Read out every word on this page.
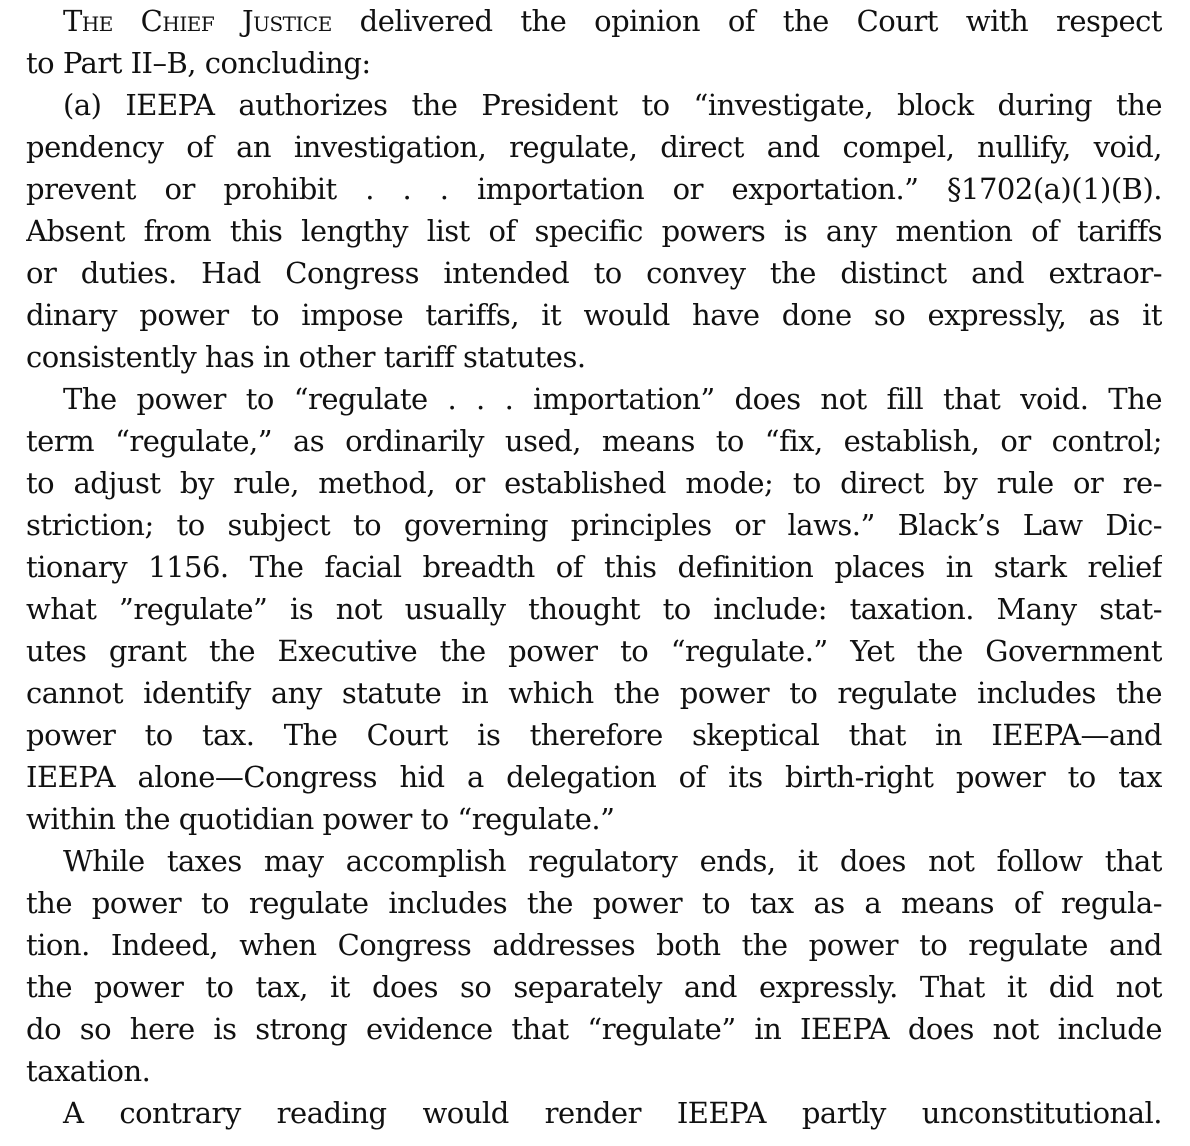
The Chief Justice delivered the opinion of the Court with respect
to Part II–B, concluding:
(a) IEEPA authorizes the President to “investigate, block during the
pendency of an investigation, regulate, direct and compel, nullify, void,
prevent or prohibit . . . importation or exportation.” §1702(a)(1)(B).
Absent from this lengthy list of specific powers is any mention of tariffs
or duties. Had Congress intended to convey the distinct and extraor-
dinary power to impose tariffs, it would have done so expressly, as it
consistently has in other tariff statutes.
The power to “regulate . . . importation” does not fill that void. The
term “regulate,” as ordinarily used, means to “fix, establish, or control;
to adjust by rule, method, or established mode; to direct by rule or re-
striction; to subject to governing principles or laws.” Black’s Law Dic-
tionary 1156. The facial breadth of this definition places in stark relief
what ”regulate” is not usually thought to include: taxation. Many stat-
utes grant the Executive the power to “regulate.” Yet the Government
cannot identify any statute in which the power to regulate includes the
power to tax. The Court is therefore skeptical that in IEEPA—and
IEEPA alone—Congress hid a delegation of its birth-right power to tax
within the quotidian power to “regulate.”
While taxes may accomplish regulatory ends, it does not follow that
the power to regulate includes the power to tax as a means of regula-
tion. Indeed, when Congress addresses both the power to regulate and
the power to tax, it does so separately and expressly. That it did not
do so here is strong evidence that “regulate” in IEEPA does not include
taxation.
A contrary reading would render IEEPA partly unconstitutional.
